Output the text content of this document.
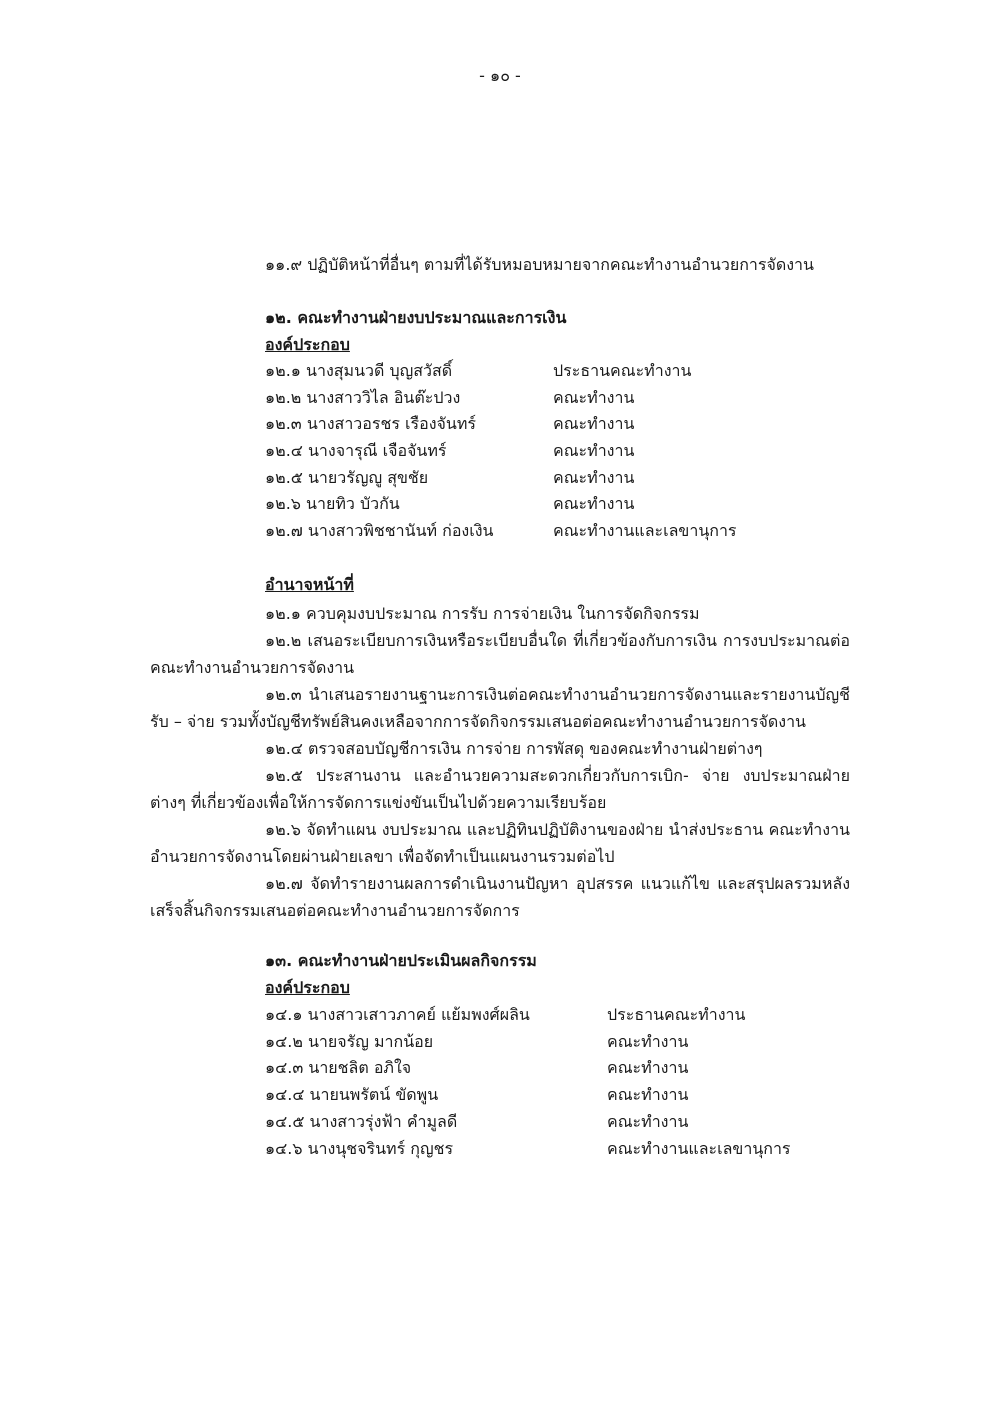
- ๑๐ -
๑๑.๙ ปฏิบัติหน้าที่อื่นๆ ตามที่ได้รับหมอบหมายจากคณะทำงานอำนวยการจัดงาน
๑๒. คณะทำงานฝ่ายงบประมาณและการเงิน
องค์ประกอบ
๑๒.๑ นางสุมนวดี บุญสวัสดิ์	ประธานคณะทำงาน
๑๒.๒ นางสาววิไล อินต๊ะปวง	คณะทำงาน
๑๒.๓ นางสาวอรชร เรืองจันทร์	คณะทำงาน
๑๒.๔ นางจารุณี เจือจันทร์	คณะทำงาน
๑๒.๕ นายวรัญญู สุขชัย	คณะทำงาน
๑๒.๖ นายทิว บัวกัน	คณะทำงาน
๑๒.๗ นางสาวพิชชานันท์ ก่องเงิน	คณะทำงานและเลขานุการ
อำนาจหน้าที่
๑๒.๑ ควบคุมงบประมาณ การรับ การจ่ายเงิน ในการจัดกิจกรรม
๑๒.๒ เสนอระเบียบการเงินหรือระเบียบอื่นใด ที่เกี่ยวข้องกับการเงิน การงบประมาณต่อคณะทำงานอำนวยการจัดงาน
๑๒.๓ นำเสนอรายงานฐานะการเงินต่อคณะทำงานอำนวยการจัดงานและรายงานบัญชีรับ – จ่าย รวมทั้งบัญชีทรัพย์สินคงเหลือจากการจัดกิจกรรมเสนอต่อคณะทำงานอำนวยการจัดงาน
๑๒.๔ ตรวจสอบบัญชีการเงิน การจ่าย การพัสดุ ของคณะทำงานฝ่ายต่างๆ
๑๒.๕ ประสานงาน และอำนวยความสะดวกเกี่ยวกับการเบิก- จ่าย งบประมาณฝ่ายต่างๆ ที่เกี่ยวข้องเพื่อให้การจัดการแข่งขันเป็นไปด้วยความเรียบร้อย
๑๒.๖ จัดทำแผน งบประมาณ และปฏิทินปฏิบัติงานของฝ่าย นำส่งประธาน คณะทำงานอำนวยการจัดงานโดยผ่านฝ่ายเลขา เพื่อจัดทำเป็นแผนงานรวมต่อไป
๑๒.๗ จัดทำรายงานผลการดำเนินงานปัญหา อุปสรรค แนวแก้ไข และสรุปผลรวมหลังเสร็จสิ้นกิจกรรมเสนอต่อคณะทำงานอำนวยการจัดการ
๑๓. คณะทำงานฝ่ายประเมินผลกิจกรรม
องค์ประกอบ
๑๔.๑ นางสาวเสาวภาคย์ แย้มพงศ์ผลิน	ประธานคณะทำงาน
๑๔.๒ นายจรัญ มากน้อย	คณะทำงาน
๑๔.๓ นายชลิต อภิใจ	คณะทำงาน
๑๔.๔ นายนพรัตน์ ขัดพูน	คณะทำงาน
๑๔.๕ นางสาวรุ่งฟ้า คำมูลดี	คณะทำงาน
๑๔.๖ นางนุชจรินทร์ กุญชร	คณะทำงานและเลขานุการ
